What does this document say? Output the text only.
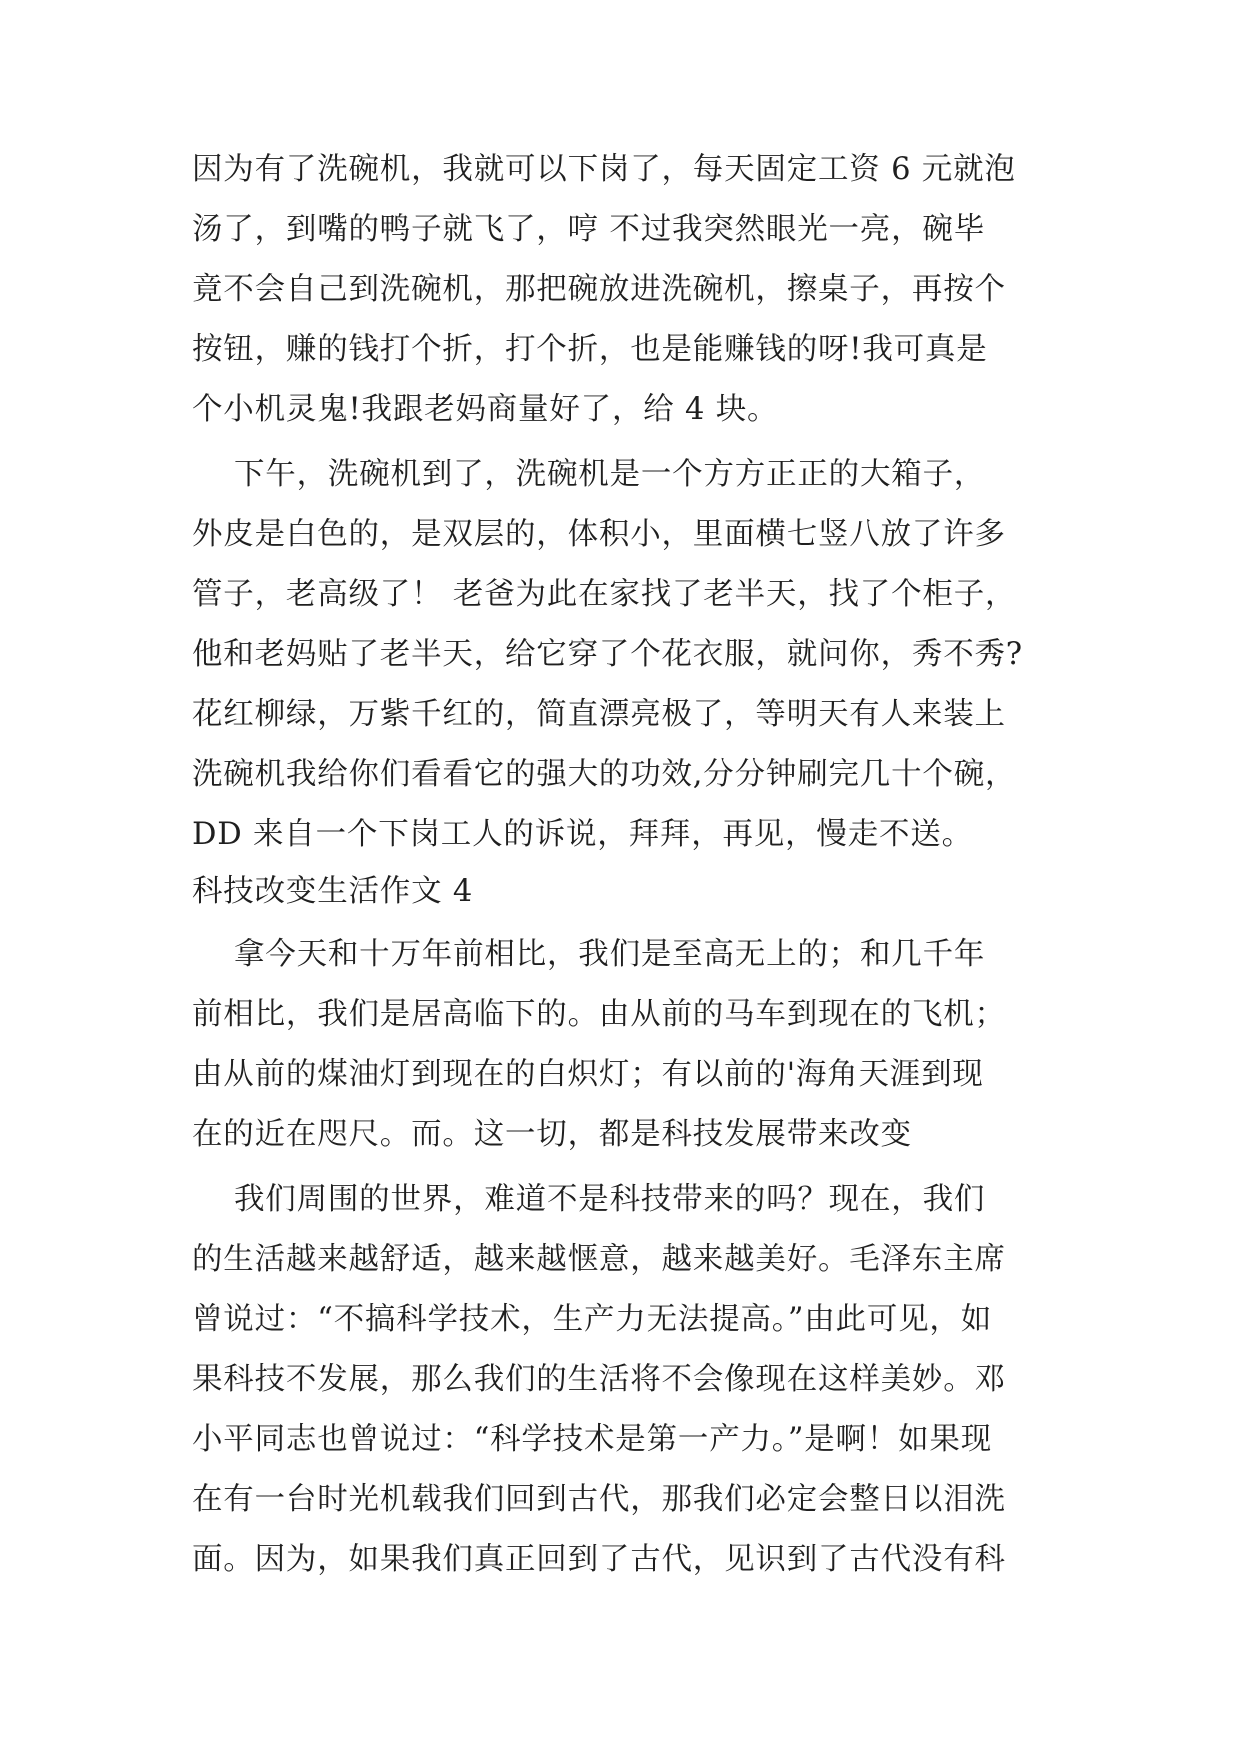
因为有了洗碗机，我就可以下岗了，每天固定工资 6 元就泡

汤了，到嘴的鸭子就飞了，哼 不过我突然眼光一亮，碗毕

竟不会自己到洗碗机，那把碗放进洗碗机，擦桌子，再按个

按钮，赚的钱打个折，打个折，也是能赚钱的呀!我可真是

个小机灵鬼!我跟老妈商量好了，给 4 块。

下午，洗碗机到了，洗碗机是一个方方正正的大箱子，

外皮是白色的，是双层的，体积小，里面横七竖八放了许多

管子，老高级了！ 老爸为此在家找了老半天，找了个柜子，

他和老妈贴了老半天，给它穿了个花衣服，就问你，秀不秀?

花红柳绿，万紫千红的，简直漂亮极了，等明天有人来装上

洗碗机我给你们看看它的强大的功效,分分钟刷完几十个碗，

DD 来自一个下岗工人的诉说，拜拜，再见，慢走不送。

科技改变生活作文 4

拿今天和十万年前相比，我们是至高无上的；和几千年

前相比，我们是居高临下的。由从前的马车到现在的飞机；

由从前的煤油灯到现在的白炽灯；有以前的'海角天涯到现

在的近在咫尺。而。这一切，都是科技发展带来改变

我们周围的世界，难道不是科技带来的吗？现在，我们

的生活越来越舒适，越来越惬意，越来越美好。毛泽东主席

曾说过：“不搞科学技术，生产力无法提高。”由此可见，如

果科技不发展，那么我们的生活将不会像现在这样美妙。邓

小平同志也曾说过：“科学技术是第一产力。”是啊！如果现

在有一台时光机载我们回到古代，那我们必定会整日以泪洗

面。因为，如果我们真正回到了古代，见识到了古代没有科
